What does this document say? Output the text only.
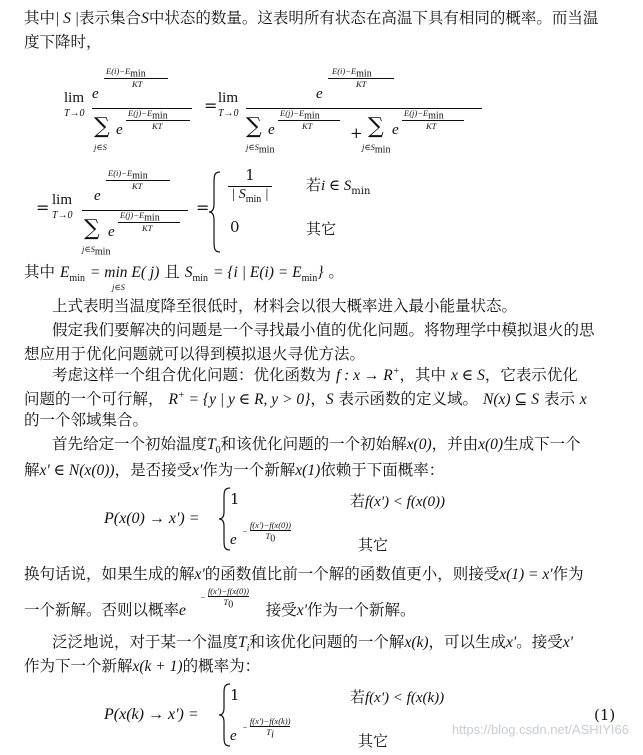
其中| S |表示集合S中状态的数量。这表明所有状态在高温下具有相同的概率。而当温
度下降时，
lim
T→0
e
$E(i)-E_{min}$
KT
∑
j∈S
e
$E(j)-E_{min}$
KT
= lim
T→0
e
$E(i)-E_{min}$
KT
∑
$j\in S_{min}$
e
$E(j)-E_{min}$
KT	+ ∑
$j\in S_{min}$
e
$E(j)-E_{min}$
KT
= lim
T→0
e
$E(i)-E_{min}$
KT
∑
$j\in S_{min}$
e
$E(j)-E_{min}$
KT
=
1
| $S_{min}$ |
若i ∈ $S_{min}$
0	其它
其中 $E_{min} = \min E$( j) 且 $S_{min} = \{i$ | $E(i) = E_{min}$} 。
j∈S
上式表明当温度降至很低时，材料会以很大概率进入最小能量状态。
假定我们要解决的问题是一个寻找最小值的优化问题。将物理学中模拟退火的思
想应用于优化问题就可以得到模拟退火寻优方法。
考虑这样一个组合优化问题：优化函数为 f : x → R+，其中 x ∈ S，它表示优化
问题的一个可行解， R+ = {y | y ∈ R, y > 0}，S 表示函数的定义域。 N(x) ⊆ S 表示 x
的一个邻域集合。
首先给定一个初始温度$T_0$和该优化问题的一个初始解x(0)，并由x(0)生成下一个
解x' ∈ N(x(0))，是否接受x'作为一个新解x(1)依赖于下面概率：
P(x(0) → x') =
1	若f(x') < f(x(0))
e
− $\frac{f(x')-f(x(0))}{T_0}$
其它
换句话说，如果生成的解x'的函数值比前一个解的函数值更小，则接受x(1) = x'作为
一个新解。否则以概率e	接受x'作为一个新解。
− $\frac{f(x')-f(x(0))}{T_0}$
泛泛地说，对于某一个温度$T_i$和该优化问题的一个解x(k)，可以生成x'。接受x'
作为下一个新解x(k + 1)的概率为：
P(x(k) → x') =
1	若f(x') < f(x(k))
e
− $\frac{f(x')-f(x(k))}{T_i}$
其它
(1)
https://blog.csdn.net/ASHIYI66
